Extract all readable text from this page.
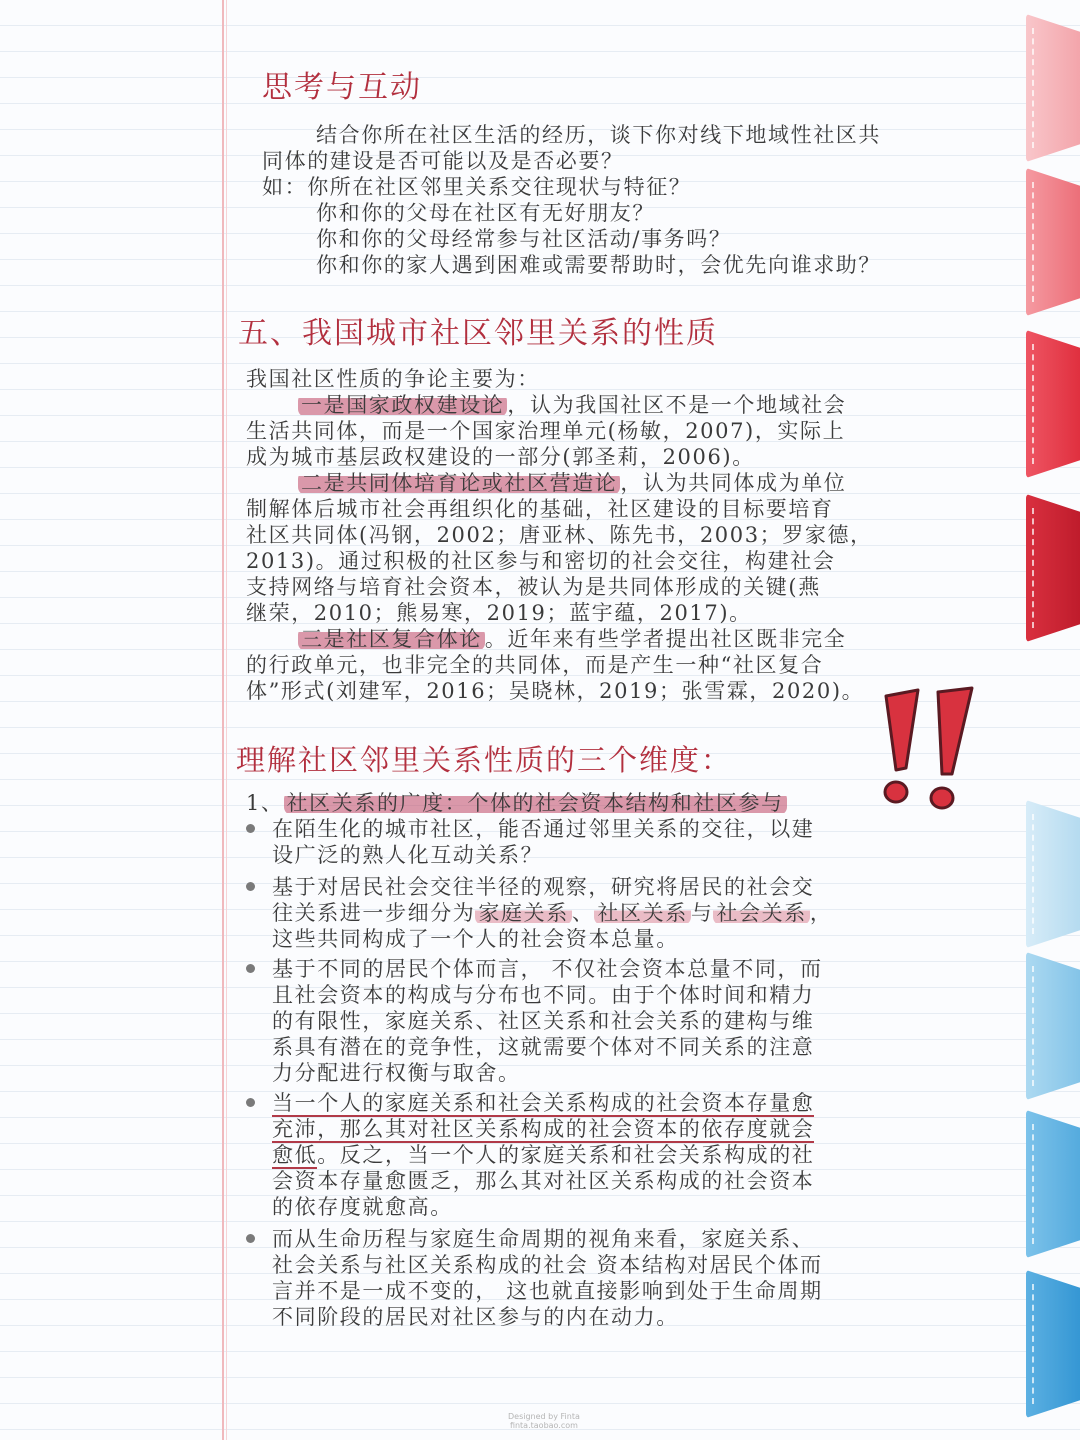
思考与互动
结合你所在社区生活的经历，谈下你对线下地域性社区共
同体的建设是否可能以及是否必要？
如：你所在社区邻里关系交往现状与特征？
你和你的父母在社区有无好朋友？
你和你的父母经常参与社区活动/事务吗？
你和你的家人遇到困难或需要帮助时，会优先向谁求助？
五、我国城市社区邻里关系的性质
我国社区性质的争论主要为：
一是国家政权建设论 ，认为我国社区不是一个地域社会
生活共同体，而是一个国家治理单元(杨敏，2007)，实际上
成为城市基层政权建设的一部分(郭圣莉，2006)。
二是共同体培育论或社区营造论 ，认为共同体成为单位
制解体后城市社会再组织化的基础，社区建设的目标要培育
社区共同体(冯钢，2002；唐亚林、陈先书，2003；罗家德，
2013)。通过积极的社区参与和密切的社会交往，构建社会
支持网络与培育社会资本，被认为是共同体形成的关键(燕
继荣，2010；熊易寒，2019；蓝宇蕴，2017)。
三是社区复合体论 。近年来有些学者提出社区既非完全
的行政单元，也非完全的共同体，而是产生一种“社区复合
体”形式(刘建军，2016；吴晓林，2019；张雪霖，2020)。
理解社区邻里关系性质的三个维度：
1、 社区关系的广度：个体的社会资本结构和社区参与
在陌生化的城市社区，能否通过邻里关系的交往，以建
设广泛的熟人化互动关系？
基于对居民社会交往半径的观察，研究将居民的社会交
往关系进一步细分为 家庭关系 、 社区关系 与 社会关系 ，
这些共同构成了一个人的社会资本总量。
基于不同的居民个体而言， 不仅社会资本总量不同，而
且社会资本的构成与分布也不同。由于个体时间和精力
的有限性，家庭关系、社区关系和社会关系的建构与维
系具有潜在的竞争性，这就需要个体对不同关系的注意
力分配进行权衡与取舍。
当一个人的家庭关系和社会关系构成的社会资本存量愈
充沛，那么其对社区关系构成的社会资本的依存度就会
愈低。反之，当一个人的家庭关系和社会关系构成的社
会资本存量愈匮乏，那么其对社区关系构成的社会资本
的依存度就愈高。
而从生命历程与家庭生命周期的视角来看，家庭关系、
社会关系与社区关系构成的社会 资本结构对居民个体而
言并不是一成不变的， 这也就直接影响到处于生命周期
不同阶段的居民对社区参与的内在动力。
Designed by Finta
finta.taobao.com
